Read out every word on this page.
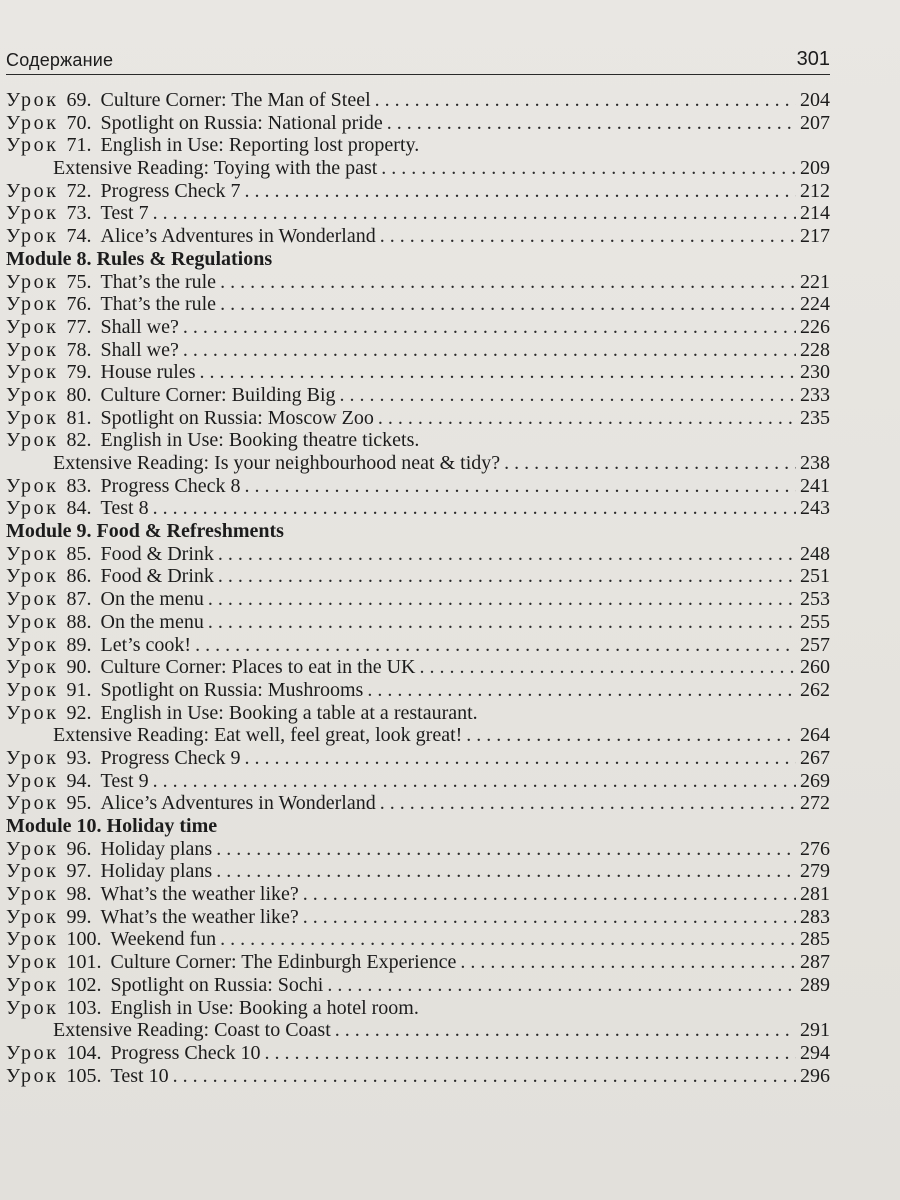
Содержание	301
Урок 69. Culture Corner: The Man of Steel . . .	204
Урок 70. Spotlight on Russia: National pride . . .	207
Урок 71. English in Use: Reporting lost property.
Extensive Reading: Toying with the past . . .	209
Урок 72. Progress Check 7 . . .	212
Урок 73. Test 7 . . .	214
Урок 74. Alice’s Adventures in Wonderland . . .	217
Module 8. Rules & Regulations
Урок 75. That’s the rule . . .	221
Урок 76. That’s the rule . . .	224
Урок 77. Shall we? . . .	226
Урок 78. Shall we? . . .	228
Урок 79. House rules . . .	230
Урок 80. Culture Corner: Building Big . . .	233
Урок 81. Spotlight on Russia: Moscow Zoo . . .	235
Урок 82. English in Use: Booking theatre tickets.
Extensive Reading: Is your neighbourhood neat & tidy? . . .	238
Урок 83. Progress Check 8 . . .	241
Урок 84. Test 8 . . .	243
Module 9. Food & Refreshments
Урок 85. Food & Drink . . .	248
Урок 86. Food & Drink . . .	251
Урок 87. On the menu . . .	253
Урок 88. On the menu . . .	255
Урок 89. Let’s cook! . . .	257
Урок 90. Culture Corner: Places to eat in the UK . . .	260
Урок 91. Spotlight on Russia: Mushrooms . . .	262
Урок 92. English in Use: Booking a table at a restaurant.
Extensive Reading: Eat well, feel great, look great! . . .	264
Урок 93. Progress Check 9 . . .	267
Урок 94. Test 9 . . .	269
Урок 95. Alice’s Adventures in Wonderland . . .	272
Module 10. Holiday time
Урок 96. Holiday plans . . .	276
Урок 97. Holiday plans . . .	279
Урок 98. What’s the weather like? . . .	281
Урок 99. What’s the weather like? . . .	283
Урок 100. Weekend fun . . .	285
Урок 101. Culture Corner: The Edinburgh Experience . . .	287
Урок 102. Spotlight on Russia: Sochi . . .	289
Урок 103. English in Use: Booking a hotel room.
Extensive Reading: Coast to Coast . . .	291
Урок 104. Progress Check 10 . . .	294
Урок 105. Test 10 . . .	296
